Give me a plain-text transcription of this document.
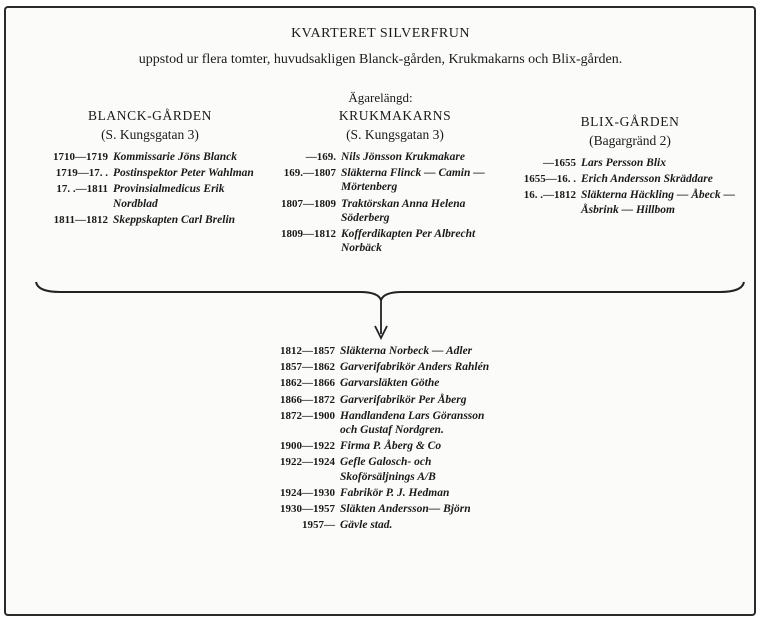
KVARTERET SILVERFRUN
uppstod ur flera tomter, huvudsakligen Blanck-gården, Krukmakarns och Blix-gården.
Ägarelängd:
BLANCK-GÅRDEN
(S. Kungsgatan 3)
1710—1719 Kommissarie Jöns Blanck
1719—17. . Postinspektor Peter Wahlman
17. .—1811 Provinsialmedicus Erik Nordblad
1811—1812 Skeppskapten Carl Brelin
KRUKMAKARNS
(S. Kungsgatan 3)
—169. Nils Jönsson Krukmakare
169.—1807 Släkterna Flinck — Camin — Mörtenberg
1807—1809 Traktörskan Anna Helena Söderberg
1809—1812 Kofferdikapten Per Albrecht Norbäck
BLIX-GÅRDEN
(Bagargränd 2)
—1655 Lars Persson Blix
1655—16. . Erich Andersson Skräddare
16. .—1812 Släkterna Häckling — Åbeck — Åsbrink — Hillbom
1812—1857 Släkterna Norbeck — Adler
1857—1862 Garverifabrikör Anders Rahlén
1862—1866 Garvarsläkten Göthe
1866—1872 Garverifabrikör Per Åberg
1872—1900 Handlandena Lars Göransson och Gustaf Nordgren.
1900—1922 Firma P. Åberg & Co
1922—1924 Gefle Galosch- och Skoförsäljnings A/B
1924—1930 Fabrikör P. J. Hedman
1930—1957 Släkten Andersson— Björn
1957— Gävle stad.
